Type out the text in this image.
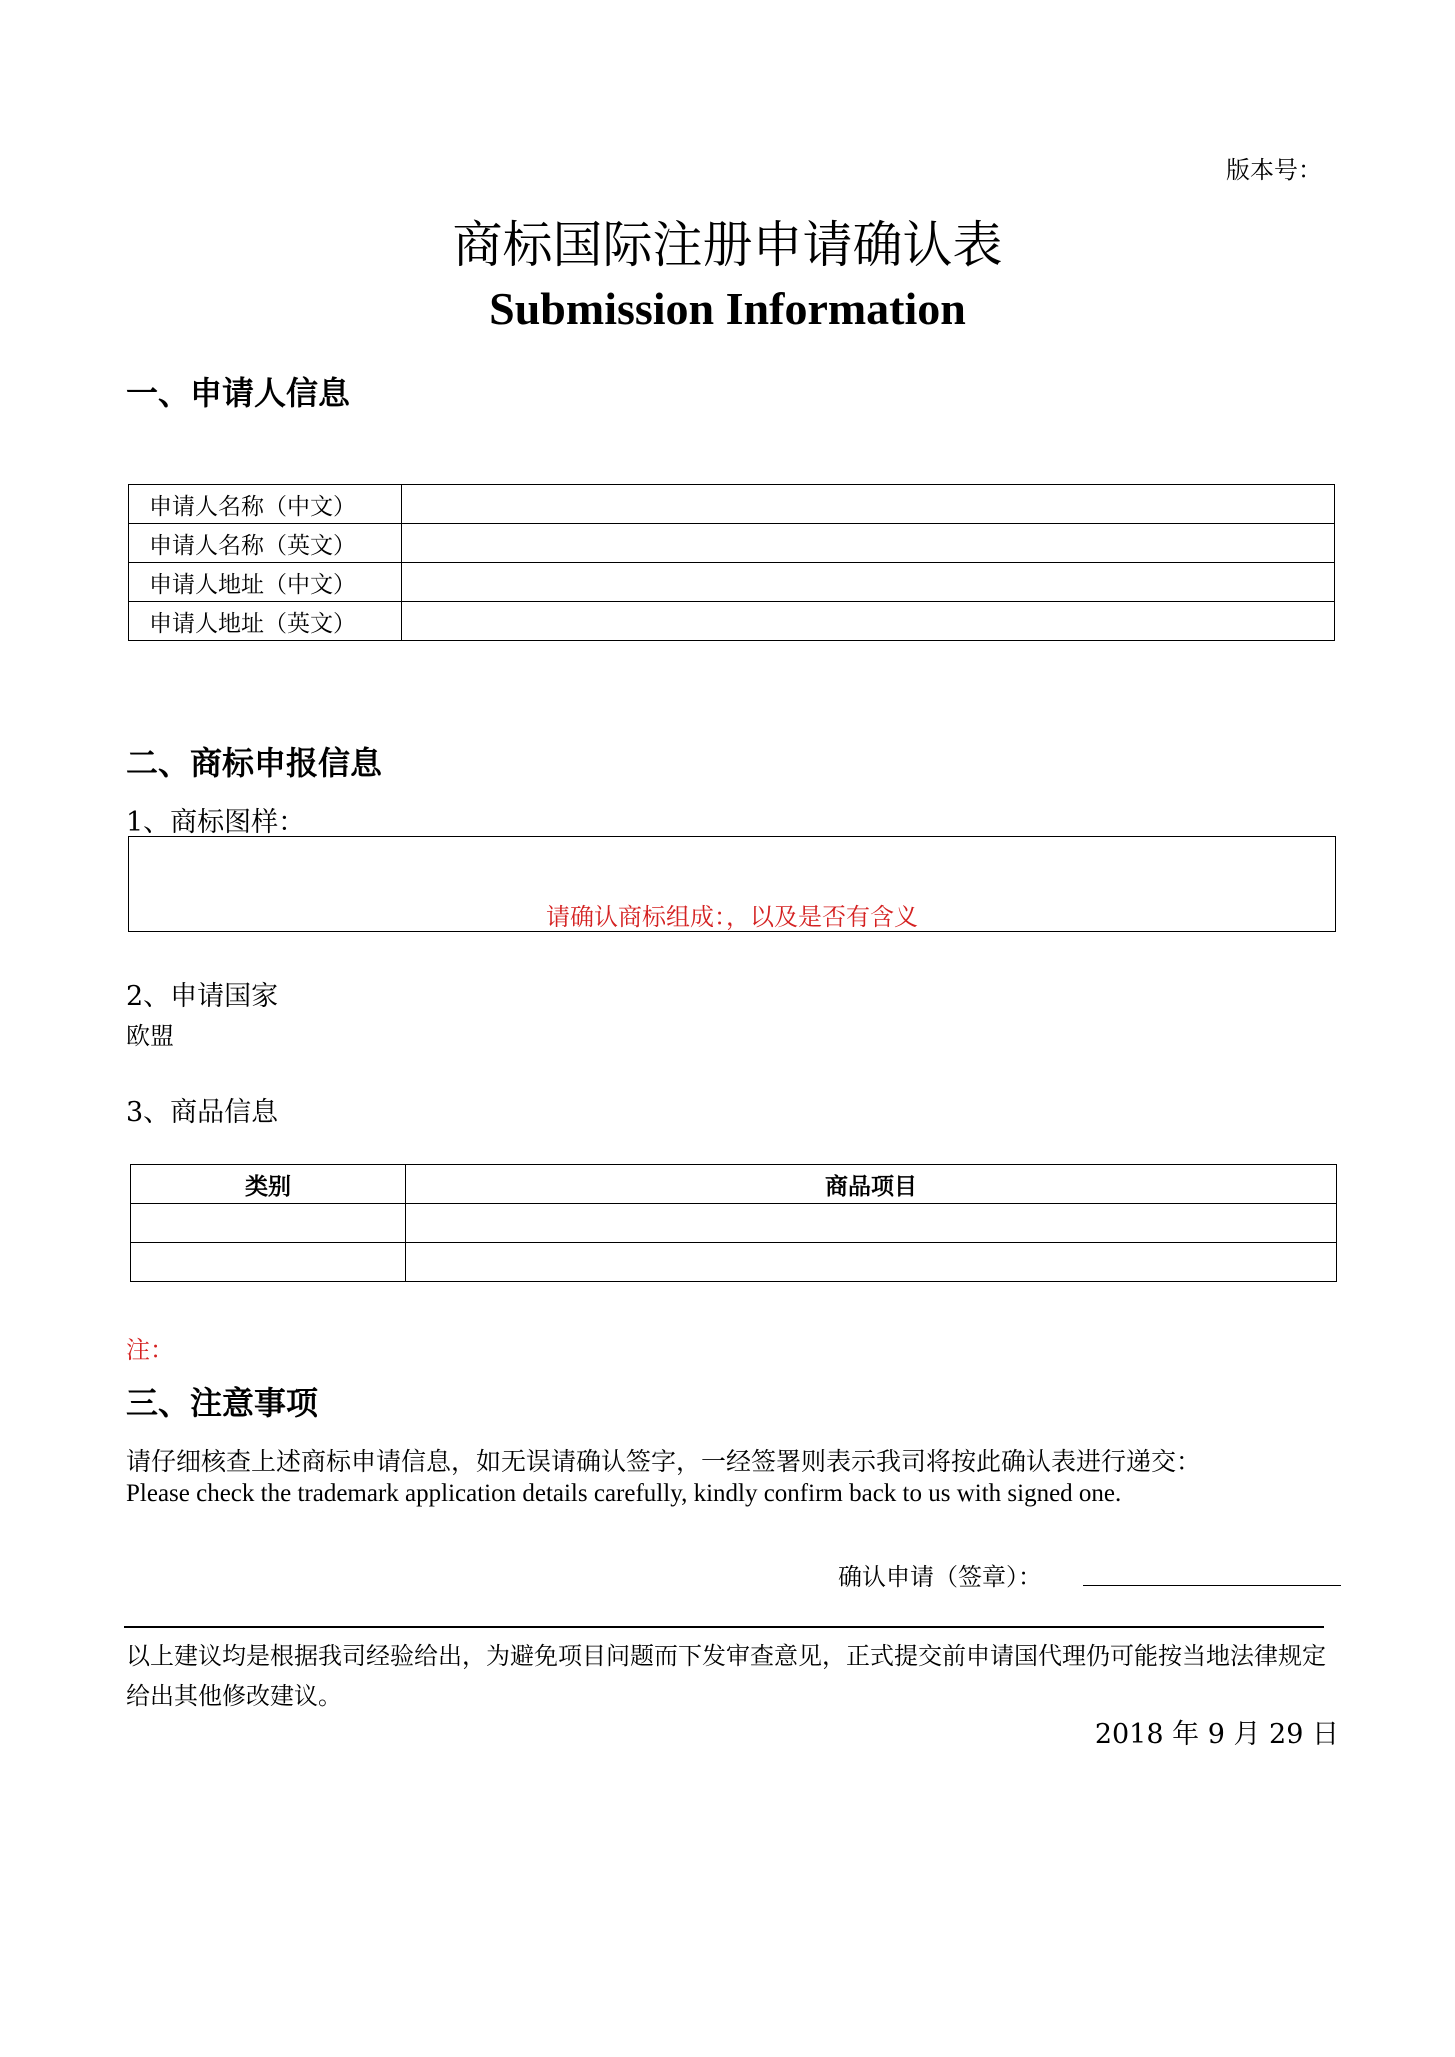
版本号：
商标国际注册申请确认表
Submission Information
一、申请人信息
申请人名称（中文）	
申请人名称（英文）	
申请人地址（中文）	
申请人地址（英文）	
二、商标申报信息
1、商标图样：
请确认商标组成：，以及是否有含义
2、申请国家
欧盟
3、商品信息
类别	商品项目

注：
三、注意事项
请仔细核查上述商标申请信息，如无误请确认签字，一经签署则表示我司将按此确认表进行递交：
Please check the trademark application details carefully, kindly confirm back to us with signed one.
确认申请（签章）：
以上建议均是根据我司经验给出，为避免项目问题而下发审查意见，正式提交前申请国代理仍可能按当地法律规定给出其他修改建议。
2018 年 9 月 29 日
